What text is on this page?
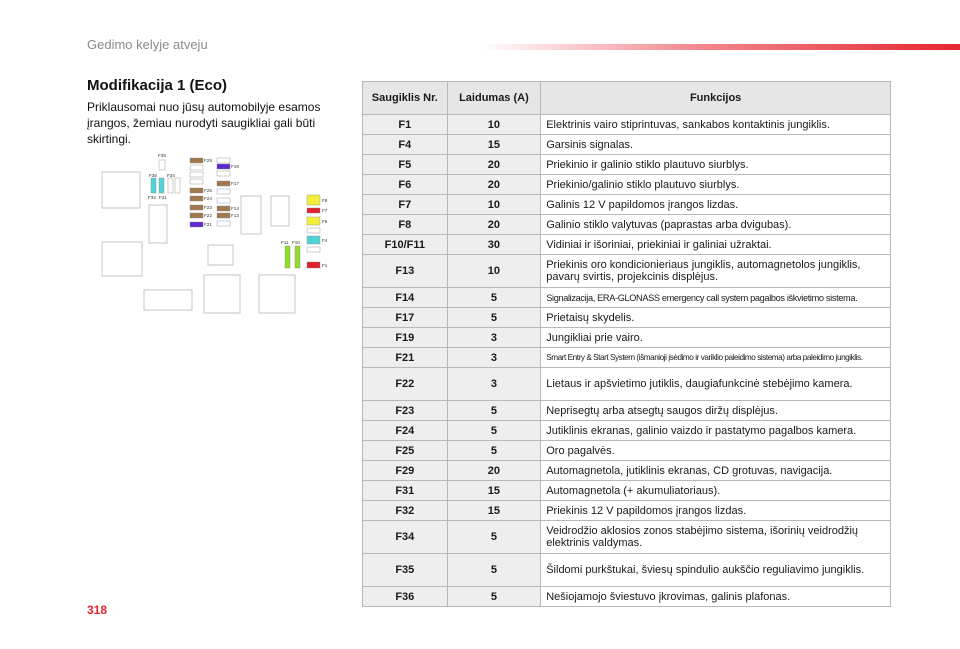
Gedimo kelyje atveju
Modifikacija 1 (Eco)
Priklausomai nuo jūsų automobilyje esamos įrangos, žemiau nurodyti saugikliai gali būti skirtingi.
F35
F36 F34
F32 F31
F29
F25
F24
F23
F22
F21
F19
F17
F14
F13
F8
F7
F5
F4
F1
F11 F10
Saugiklis Nr.	Laidumas (A)	Funkcijos
F1	10	Elektrinis vairo stiprintuvas, sankabos kontaktinis jungiklis.
F4	15	Garsinis signalas.
F5	20	Priekinio ir galinio stiklo plautuvo siurblys.
F6	20	Priekinio/galinio stiklo plautuvo siurblys.
F7	10	Galinis 12 V papildomos įrangos lizdas.
F8	20	Galinio stiklo valytuvas (paprastas arba dvigubas).
F10/F11	30	Vidiniai ir išoriniai, priekiniai ir galiniai užraktai.
F13	10	Priekinis oro kondicionieriaus jungiklis, automagnetolos jungiklis, pavarų svirtis, projekcinis displėjus.
F14	5	Signalizacija, ERA-GLONASS emergency call system pagalbos iškvietimo sistema.
F17	5	Prietaisų skydelis.
F19	3	Jungikliai prie vairo.
F21	3	Smart Entry & Start System (išmanioji įsėdimo ir variklio paleidimo sistema) arba paleidimo jungiklis.
F22	3	Lietaus ir apšvietimo jutiklis, daugiafunkcinė stebėjimo kamera.
F23	5	Neprisegtų arba atsegtų saugos diržų displėjus.
F24	5	Jutiklinis ekranas, galinio vaizdo ir pastatymo pagalbos kamera.
F25	5	Oro pagalvės.
F29	20	Automagnetola, jutiklinis ekranas, CD grotuvas, navigacija.
F31	15	Automagnetola (+ akumuliatoriaus).
F32	15	Priekinis 12 V papildomos įrangos lizdas.
F34	5	Veidrodžio aklosios zonos stabėjimo sistema, išorinių veidrodžių elektrinis valdymas.
F35	5	Šildomi purkštukai, šviesų spindulio aukščio reguliavimo jungiklis.
F36	5	Nešiojamojo šviestuvo įkrovimas, galinis plafonas.
318
